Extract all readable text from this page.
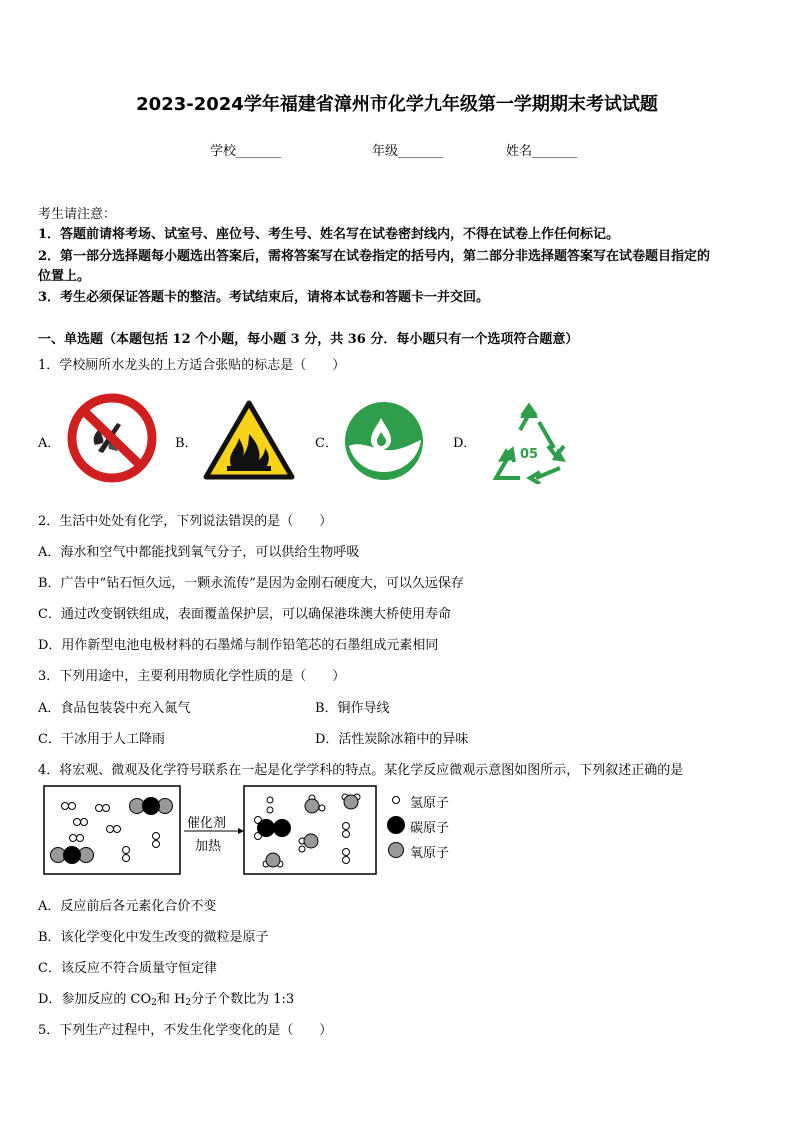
2023-2024学年福建省漳州市化学九年级第一学期期末考试试题
学校_______	年级_______	姓名_______
考生请注意：
1．答题前请将考场、试室号、座位号、考生号、姓名写在试卷密封线内，不得在试卷上作任何标记。
2．第一部分选择题每小题选出答案后，需将答案写在试卷指定的括号内，第二部分非选择题答案写在试卷题目指定的
位置上。
3．考生必须保证答题卡的整洁。考试结束后，请将本试卷和答题卡一并交回。
一、单选题（本题包括 12 个小题，每小题 3 分，共 36 分．每小题只有一个选项符合题意）
1．学校厕所水龙头的上方适合张贴的标志是（　　）
A．	B．	C．	D．
05
2．生活中处处有化学，下列说法错误的是（　　）
A．海水和空气中都能找到氧气分子，可以供给生物呼吸
B．广告中“钻石恒久远，一颗永流传”是因为金刚石硬度大，可以久远保存
C．通过改变钢铁组成，表面覆盖保护层，可以确保港珠澳大桥使用寿命
D．用作新型电池电极材料的石墨烯与制作铅笔芯的石墨组成元素相同
3．下列用途中，主要利用物质化学性质的是（　　）
A．食品包装袋中充入氮气	B．铜作导线
C．干冰用于人工降雨	D．活性炭除冰箱中的异味
4．将宏观、微观及化学符号联系在一起是化学学科的特点。某化学反应微观示意图如图所示，下列叙述正确的是
催化剂
加热
氢原子
碳原子
氧原子
A．反应前后各元素化合价不变
B．该化学变化中发生改变的微粒是原子
C．该反应不符合质量守恒定律
D．参加反应的 $CO_2$和 $H_2$分子个数比为 1:3
5．下列生产过程中，不发生化学变化的是（　　）
